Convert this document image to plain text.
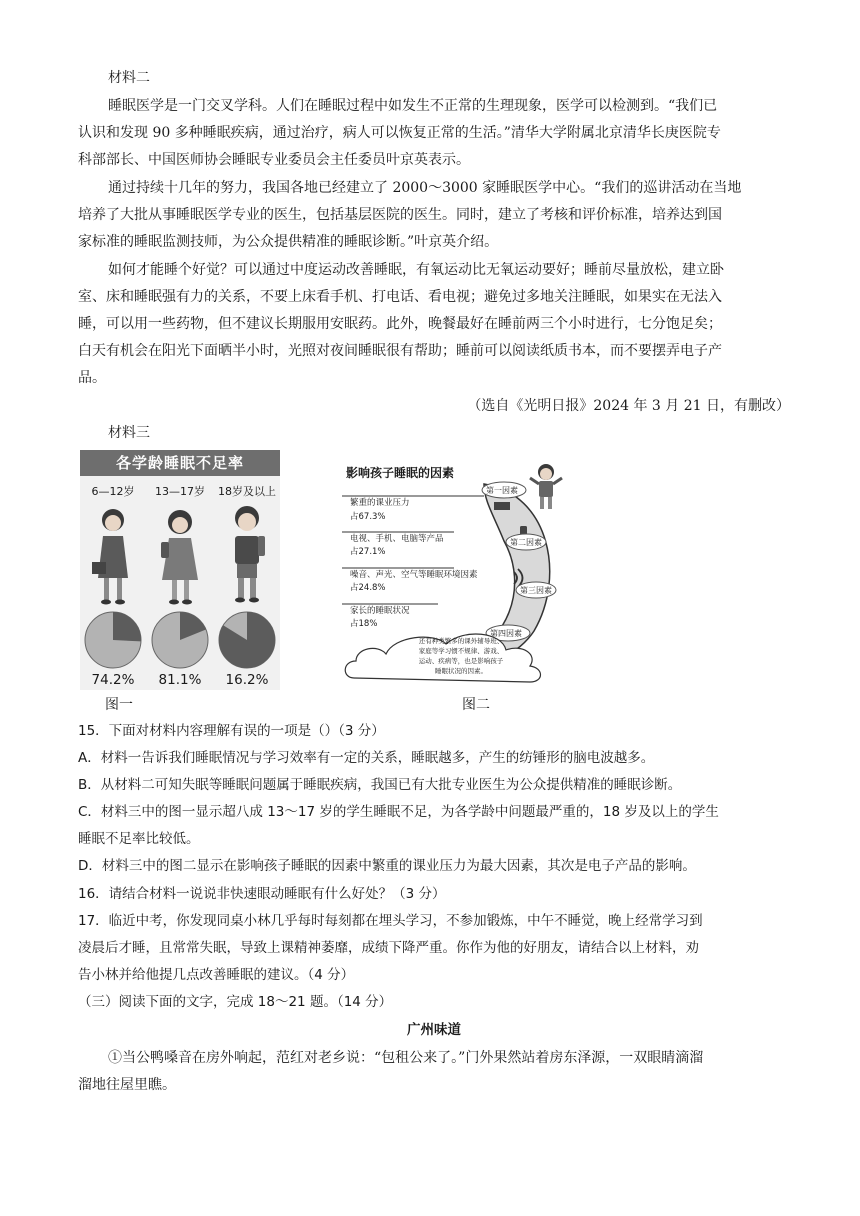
材料二
睡眠医学是一门交叉学科。人们在睡眠过程中如发生不正常的生理现象，医学可以检测到。“我们已
认识和发现 90 多种睡眠疾病，通过治疗，病人可以恢复正常的生活。”清华大学附属北京清华长庚医院专
科部部长、中国医师协会睡眠专业委员会主任委员叶京英表示。
通过持续十几年的努力，我国各地已经建立了 2000～3000 家睡眠医学中心。“我们的巡讲活动在当地
培养了大批从事睡眠医学专业的医生，包括基层医院的医生。同时，建立了考核和评价标准，培养达到国
家标准的睡眠监测技师，为公众提供精准的睡眠诊断。”叶京英介绍。
如何才能睡个好觉？可以通过中度运动改善睡眠，有氧运动比无氧运动要好；睡前尽量放松，建立卧
室、床和睡眠强有力的关系，不要上床看手机、打电话、看电视；避免过多地关注睡眠，如果实在无法入
睡，可以用一些药物，但不建议长期服用安眠药。此外，晚餐最好在睡前两三个小时进行，七分饱足矣；
白天有机会在阳光下面晒半小时，光照对夜间睡眠很有帮助；睡前可以阅读纸质书本，而不要摆弄电子产
品。
（选自《光明日报》2024 年 3 月 21 日，有删改）
材料三
各学龄睡眠不足率
6—12岁	13—17岁	18岁及以上
74.2%	81.1%	16.2%
图一
影响孩子睡眠的因素
繁重的课业压力
占67.3%
电视、手机、电脑等产品
占27.1%
噪音、声光、空气等睡眠环境因素
占24.8%
家长的睡眠状况
占18%
第一因素
第二因素
第三因素
第四因素
还有种类繁多的课外辅导班、家庭等学习惯不规律、游戏、运动、疾病等，也是影响孩子睡眠状况的因素。
图二
15．下面对材料内容理解有误的一项是（）（3 分）
A．材料一告诉我们睡眠情况与学习效率有一定的关系，睡眠越多，产生的纺锤形的脑电波越多。
B．从材料二可知失眠等睡眠问题属于睡眠疾病，我国已有大批专业医生为公众提供精准的睡眠诊断。
C．材料三中的图一显示超八成 13～17 岁的学生睡眠不足，为各学龄中问题最严重的，18 岁及以上的学生
睡眠不足率比较低。
D．材料三中的图二显示在影响孩子睡眠的因素中繁重的课业压力为最大因素，其次是电子产品的影响。
16．请结合材料一说说非快速眼动睡眠有什么好处？（3 分）
17．临近中考，你发现同桌小林几乎每时每刻都在埋头学习，不参加锻炼，中午不睡觉，晚上经常学习到
凌晨后才睡，且常常失眠，导致上课精神萎靡，成绩下降严重。你作为他的好朋友，请结合以上材料，劝
告小林并给他提几点改善睡眠的建议。（4 分）
（三）阅读下面的文字，完成 18～21 题。（14 分）
广州味道
①当公鸭嗓音在房外响起，范红对老乡说：“包租公来了。”门外果然站着房东泽源，一双眼睛滴溜
溜地往屋里瞧。
